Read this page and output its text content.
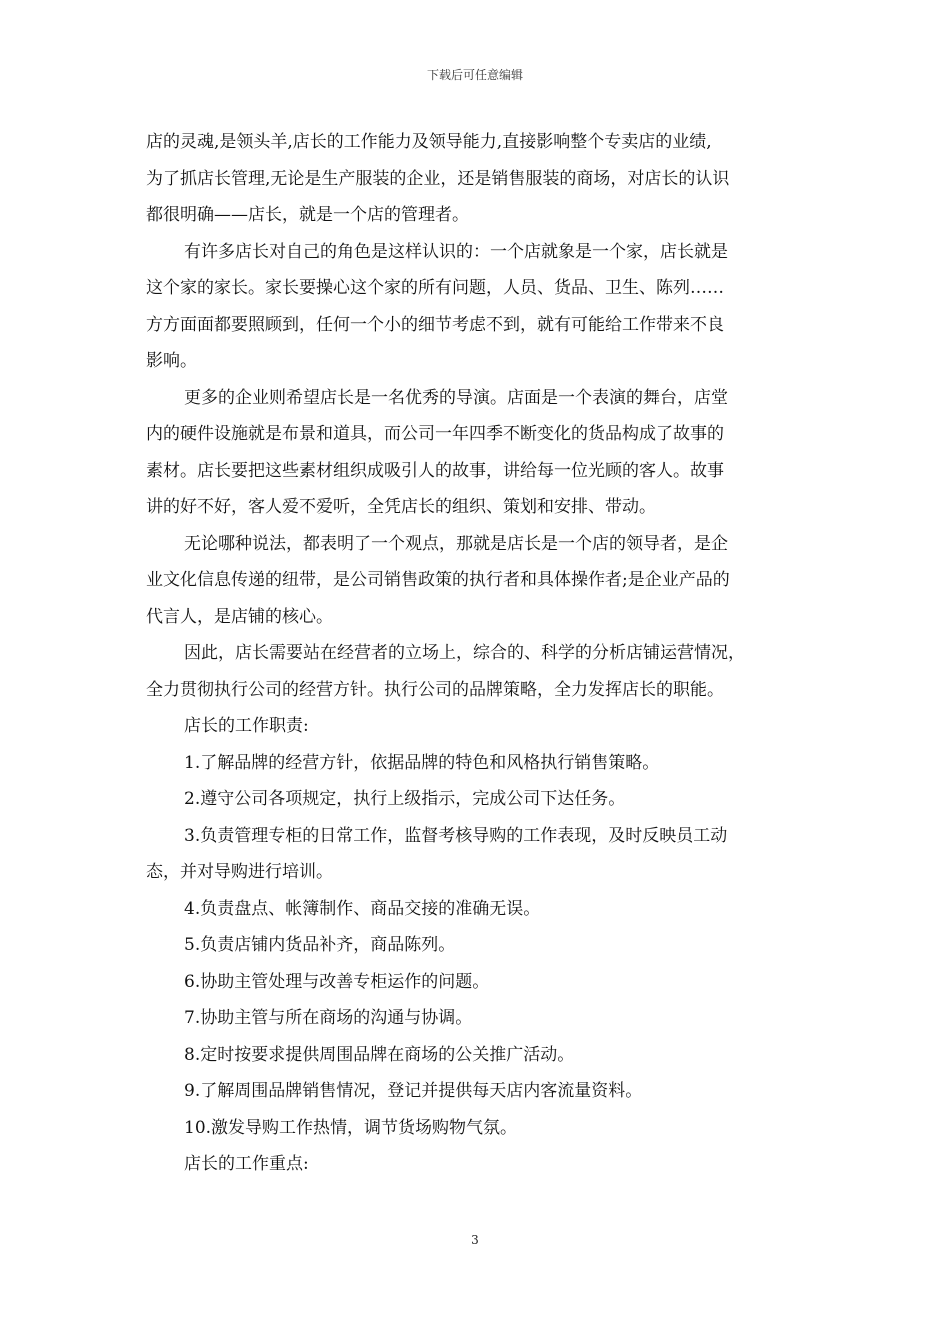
下载后可任意编辑

店的灵魂,是领头羊,店长的工作能力及领导能力,直接影响整个专卖店的业绩,
为了抓店长管理,无论是生产服装的企业，还是销售服装的商场，对店长的认识
都很明确——店长，就是一个店的管理者。

有许多店长对自己的角色是这样认识的：一个店就象是一个家，店长就是
这个家的家长。家长要操心这个家的所有问题，人员、货品、卫生、陈列……
方方面面都要照顾到，任何一个小的细节考虑不到，就有可能给工作带来不良
影响。

更多的企业则希望店长是一名优秀的导演。店面是一个表演的舞台，店堂
内的硬件设施就是布景和道具，而公司一年四季不断变化的货品构成了故事的
素材。店长要把这些素材组织成吸引人的故事，讲给每一位光顾的客人。故事
讲的好不好，客人爱不爱听，全凭店长的组织、策划和安排、带动。

无论哪种说法，都表明了一个观点，那就是店长是一个店的领导者，是企
业文化信息传递的纽带，是公司销售政策的执行者和具体操作者;是企业产品的
代言人，是店铺的核心。

因此，店长需要站在经营者的立场上，综合的、科学的分析店铺运营情况，
全力贯彻执行公司的经营方针。执行公司的品牌策略，全力发挥店长的职能。

店长的工作职责:

1.了解品牌的经营方针，依据品牌的特色和风格执行销售策略。
2.遵守公司各项规定，执行上级指示，完成公司下达任务。
3.负责管理专柜的日常工作，监督考核导购的工作表现，及时反映员工动
态，并对导购进行培训。
4.负责盘点、帐簿制作、商品交接的准确无误。
5.负责店铺内货品补齐，商品陈列。
6.协助主管处理与改善专柜运作的问题。
7.协助主管与所在商场的沟通与协调。
8.定时按要求提供周围品牌在商场的公关推广活动。
9.了解周围品牌销售情况，登记并提供每天店内客流量资料。
10.激发导购工作热情，调节货场购物气氛。

店长的工作重点:

3
